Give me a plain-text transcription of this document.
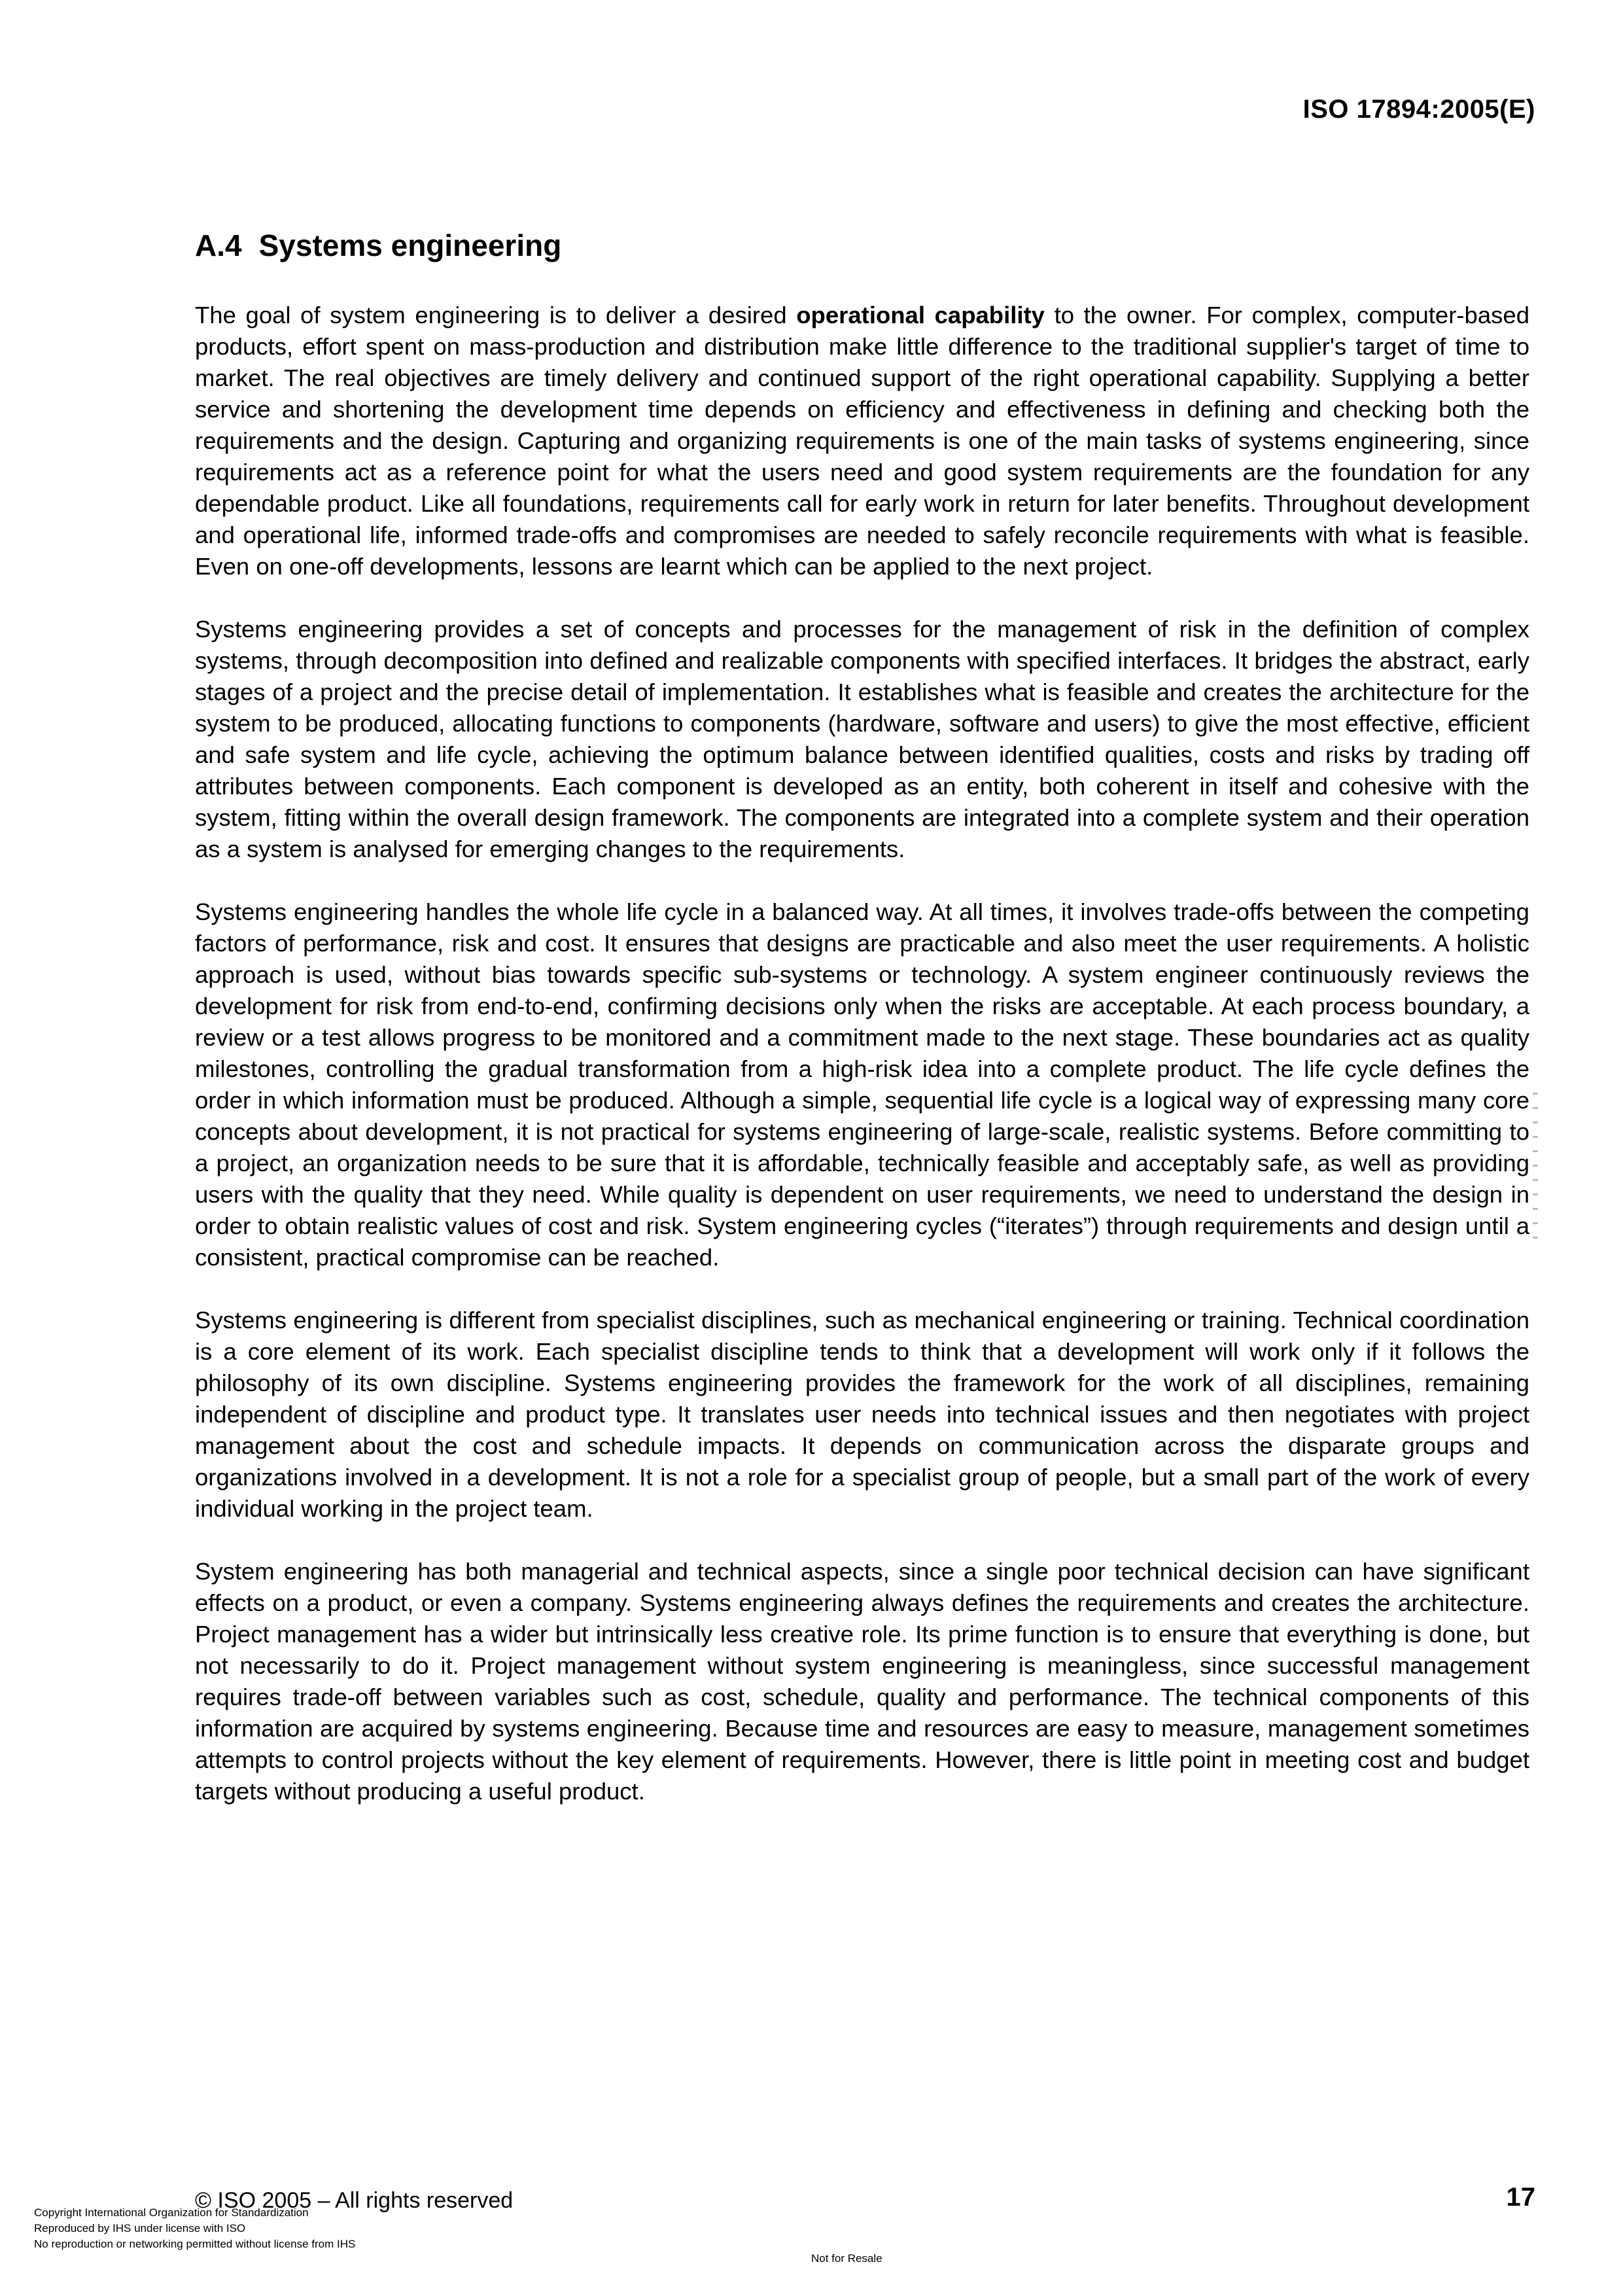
ISO 17894:2005(E)
A.4 Systems engineering

The goal of system engineering is to deliver a desired operational capability to the owner. For complex, computer-based products, effort spent on mass-production and distribution make little difference to the traditional supplier's target of time to market. The real objectives are timely delivery and continued support of the right operational capability. Supplying a better service and shortening the development time depends on efficiency and effectiveness in defining and checking both the requirements and the design. Capturing and organizing requirements is one of the main tasks of systems engineering, since requirements act as a reference point for what the users need and good system requirements are the foundation for any dependable product. Like all foundations, requirements call for early work in return for later benefits. Throughout development and operational life, informed trade-offs and compromises are needed to safely reconcile requirements with what is feasible. Even on one-off developments, lessons are learnt which can be applied to the next project.

Systems engineering provides a set of concepts and processes for the management of risk in the definition of complex systems, through decomposition into defined and realizable components with specified interfaces. It bridges the abstract, early stages of a project and the precise detail of implementation. It establishes what is feasible and creates the architecture for the system to be produced, allocating functions to components (hardware, software and users) to give the most effective, efficient and safe system and life cycle, achieving the optimum balance between identified qualities, costs and risks by trading off attributes between components. Each component is developed as an entity, both coherent in itself and cohesive with the system, fitting within the overall design framework. The components are integrated into a complete system and their operation as a system is analysed for emerging changes to the requirements.

Systems engineering handles the whole life cycle in a balanced way. At all times, it involves trade-offs between the competing factors of performance, risk and cost. It ensures that designs are practicable and also meet the user requirements. A holistic approach is used, without bias towards specific sub-systems or technology. A system engineer continuously reviews the development for risk from end-to-end, confirming decisions only when the risks are acceptable. At each process boundary, a review or a test allows progress to be monitored and a commitment made to the next stage. These boundaries act as quality milestones, controlling the gradual transformation from a high-risk idea into a complete product. The life cycle defines the order in which information must be produced. Although a simple, sequential life cycle is a logical way of expressing many core concepts about development, it is not practical for systems engineering of large-scale, realistic systems. Before committing to a project, an organization needs to be sure that it is affordable, technically feasible and acceptably safe, as well as providing users with the quality that they need. While quality is dependent on user requirements, we need to understand the design in order to obtain realistic values of cost and risk. System engineering cycles (“iterates”) through requirements and design until a consistent, practical compromise can be reached.

Systems engineering is different from specialist disciplines, such as mechanical engineering or training. Technical coordination is a core element of its work. Each specialist discipline tends to think that a development will work only if it follows the philosophy of its own discipline. Systems engineering provides the framework for the work of all disciplines, remaining independent of discipline and product type. It translates user needs into technical issues and then negotiates with project management about the cost and schedule impacts. It depends on communication across the disparate groups and organizations involved in a development. It is not a role for a specialist group of people, but a small part of the work of every individual working in the project team.

System engineering has both managerial and technical aspects, since a single poor technical decision can have significant effects on a product, or even a company. Systems engineering always defines the requirements and creates the architecture. Project management has a wider but intrinsically less creative role. Its prime function is to ensure that everything is done, but not necessarily to do it. Project management without system engineering is meaningless, since successful management requires trade-off between variables such as cost, schedule, quality and performance. The technical components of this information are acquired by systems engineering. Because time and resources are easy to measure, management sometimes attempts to control projects without the key element of requirements. However, there is little point in meeting cost and budget targets without producing a useful product.

© ISO 2005 – All rights reserved	17
Copyright International Organization for Standardization
Reproduced by IHS under license with ISO
No reproduction or networking permitted without license from IHS
Not for Resale
